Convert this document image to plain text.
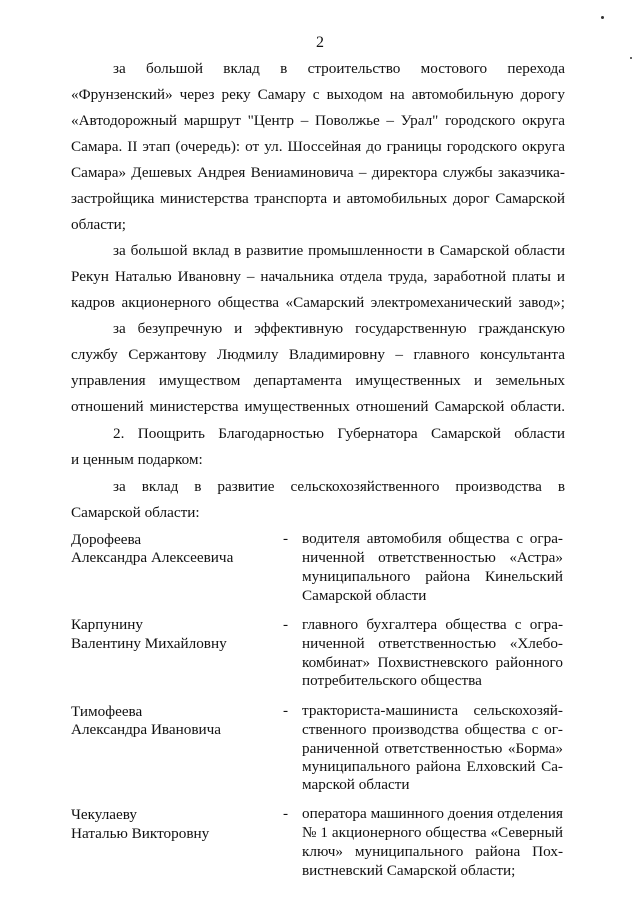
2
за большой вклад в строительство мостового перехода
«Фрунзенский» через реку Самару с выходом на автомобильную дорогу
«Автодорожный маршрут "Центр – Поволжье – Урал" городского округа
Самара. II этап (очередь): от ул. Шоссейная до границы городского округа
Самара» Дешевых Андрея Вениаминовича – директора службы заказчика-
застройщика министерства транспорта и автомобильных дорог Самарской
области;
за большой вклад в развитие промышленности в Самарской области
Рекун Наталью Ивановну – начальника отдела труда, заработной платы и
кадров акционерного общества «Самарский электромеханический завод»;
за безупречную и эффективную государственную гражданскую
службу Сержантову Людмилу Владимировну – главного консультанта
управления имуществом департамента имущественных и земельных
отношений министерства имущественных отношений Самарской области.
2. Поощрить Благодарностью Губернатора Самарской области
и ценным подарком:
за вклад в развитие сельскохозяйственного производства в
Самарской области:
Дорофеева
Александра Алексеевича
- водителя автомобиля общества с огра-
ниченной ответственностью «Астра»
муниципального района Кинельский
Самарской области
Карпунину
Валентину Михайловну
- главного бухгалтера общества с огра-
ниченной ответственностью «Хлебо-
комбинат» Похвистневского районного
потребительского общества
Тимофеева
Александра Ивановича
- тракториста-машиниста сельскохозяй-
ственного производства общества с ог-
раниченной ответственностью «Борма»
муниципального района Елховский Са-
марской области
Чекулаеву
Наталью Викторовну
- оператора машинного доения отделения
№ 1 акционерного общества «Северный
ключ» муниципального района Пох-
вистневский Самарской области;
